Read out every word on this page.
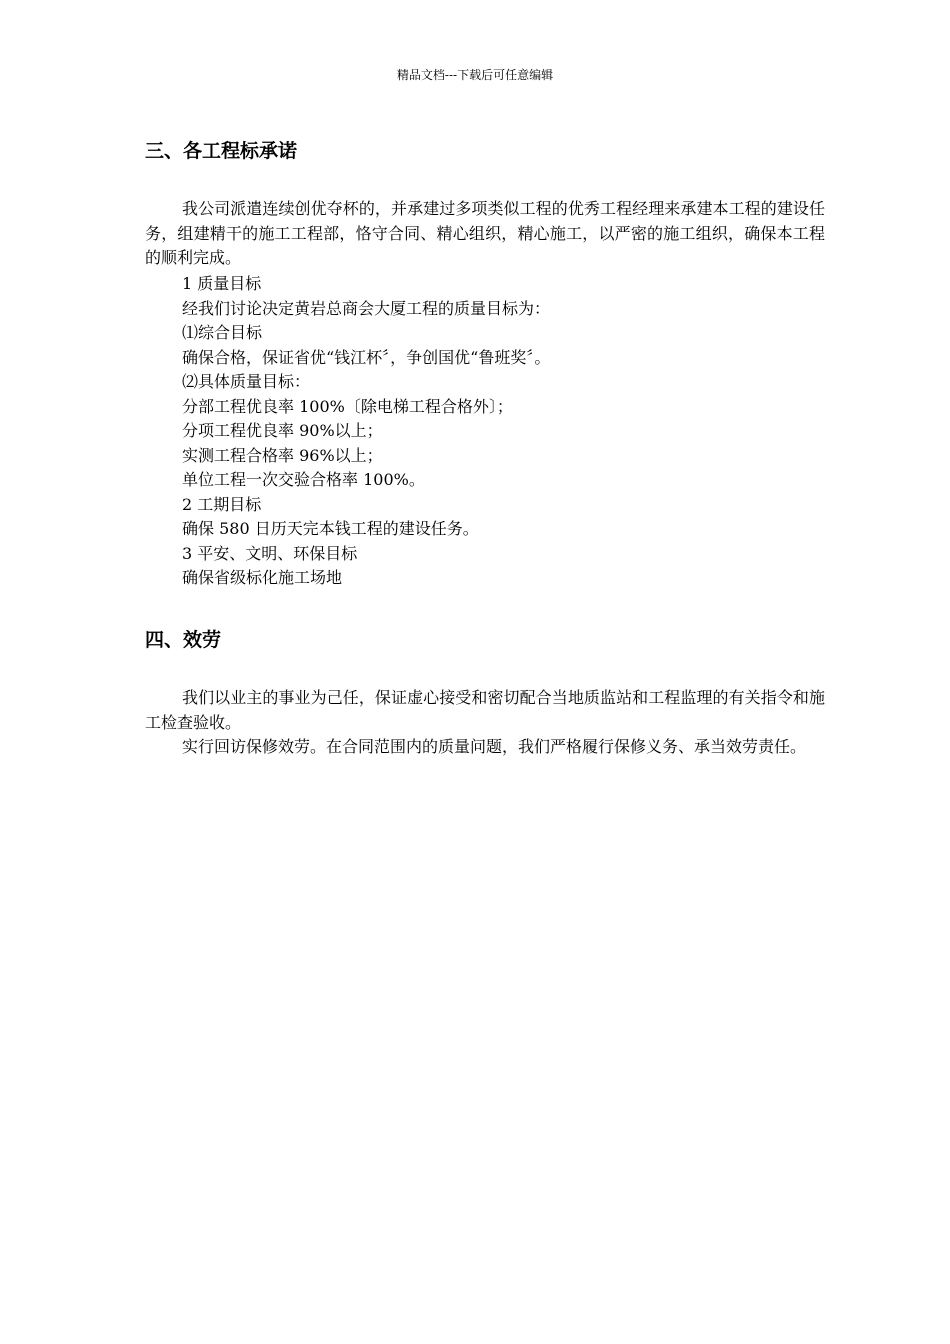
精品文档---下载后可任意编辑
三、各工程标承诺
我公司派遣连续创优夺杯的，并承建过多项类似工程的优秀工程经理来承建本工程的建设任务，组建精干的施工工程部，恪守合同、精心组织，精心施工，以严密的施工组织，确保本工程的顺利完成。
1 质量目标
经我们讨论决定黄岩总商会大厦工程的质量目标为：
⑴综合目标
确保合格，保证省优“钱江杯〞，争创国优“鲁班奖〞。
⑵具体质量目标：
分部工程优良率 100%〔除电梯工程合格外〕；
分项工程优良率 90%以上；
实测工程合格率 96%以上；
单位工程一次交验合格率 100%。
2 工期目标
确保 580 日历天完本钱工程的建设任务。
3 平安、文明、环保目标
确保省级标化施工场地
四、效劳
我们以业主的事业为己任，保证虚心接受和密切配合当地质监站和工程监理的有关指令和施工检查验收。
实行回访保修效劳。在合同范围内的质量问题，我们严格履行保修义务、承当效劳责任。
